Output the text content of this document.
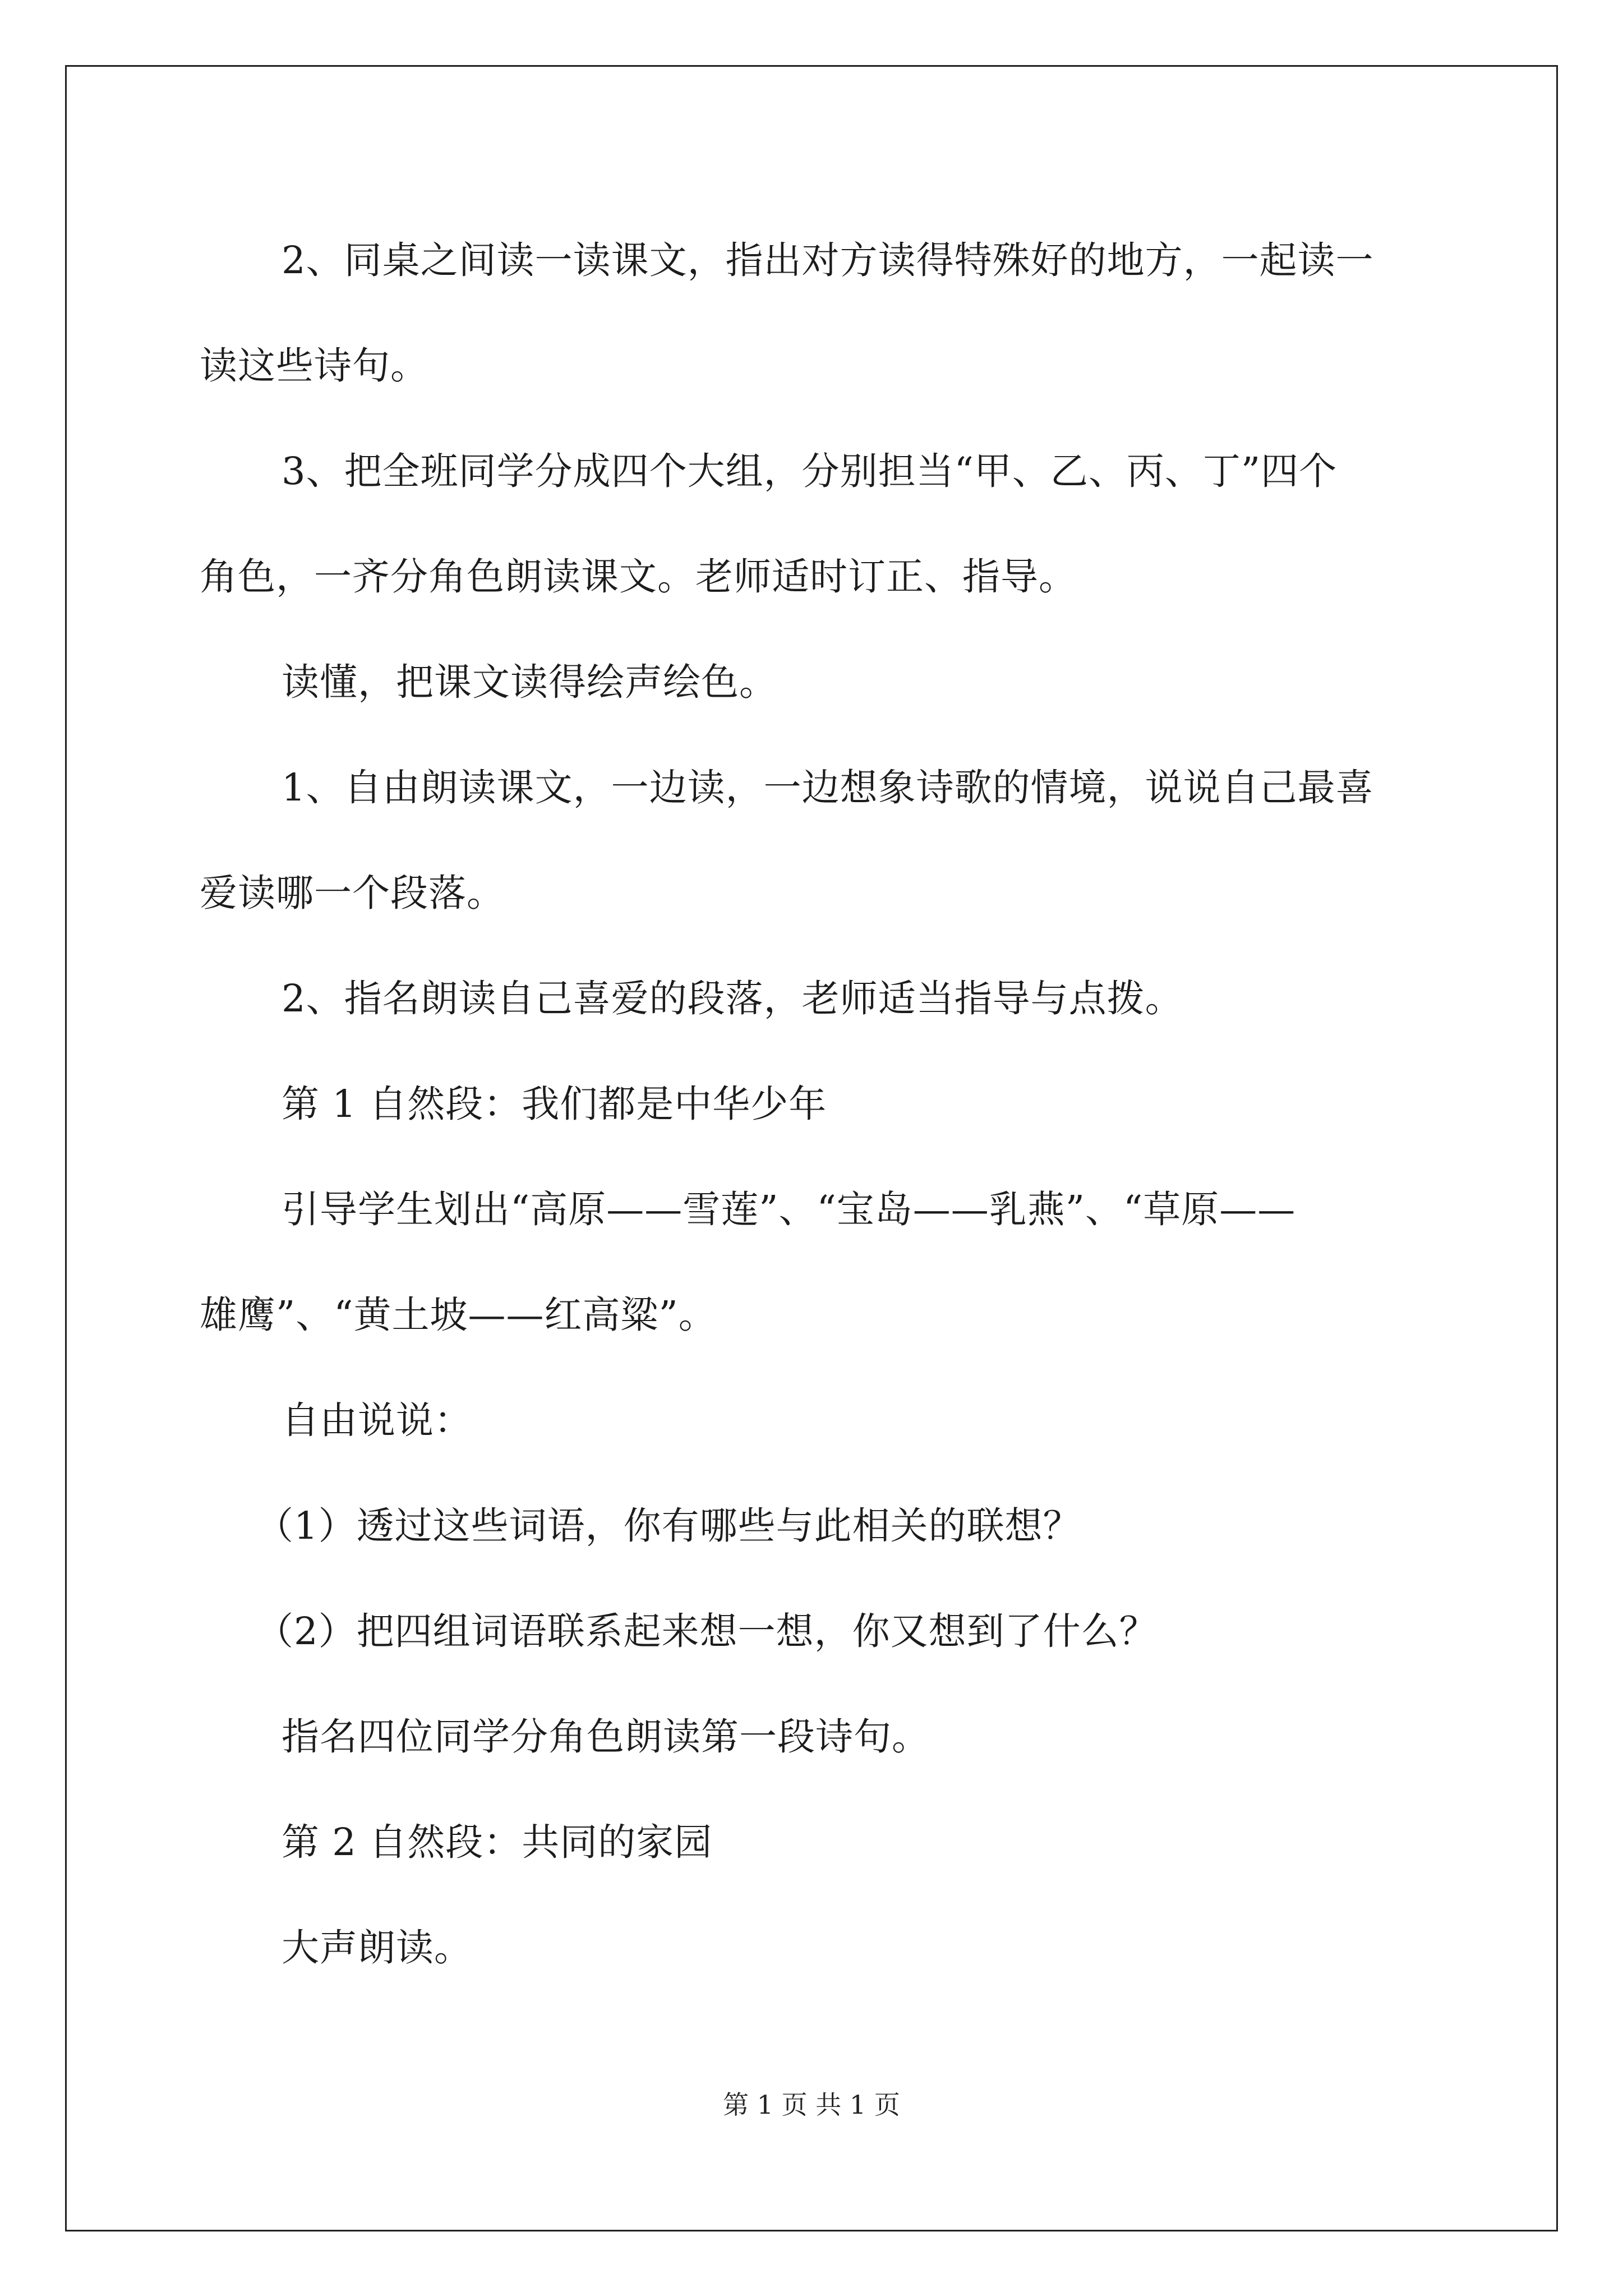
2、同桌之间读一读课文，指出对方读得特殊好的地方，一起读一

读这些诗句。

3、把全班同学分成四个大组，分别担当“甲、乙、丙、丁”四个

角色，一齐分角色朗读课文。老师适时订正、指导。

读懂，把课文读得绘声绘色。

1、自由朗读课文，一边读，一边想象诗歌的情境，说说自己最喜

爱读哪一个段落。

2、指名朗读自己喜爱的段落，老师适当指导与点拨。

第 1 自然段：我们都是中华少年

引导学生划出“高原——雪莲”、“宝岛——乳燕”、“草原——

雄鹰”、“黄土坡——红高粱”。

自由说说：

（1）透过这些词语，你有哪些与此相关的联想？

（2）把四组词语联系起来想一想，你又想到了什么？

指名四位同学分角色朗读第一段诗句。

第 2 自然段：共同的家园

大声朗读。

第 1 页 共 1 页
